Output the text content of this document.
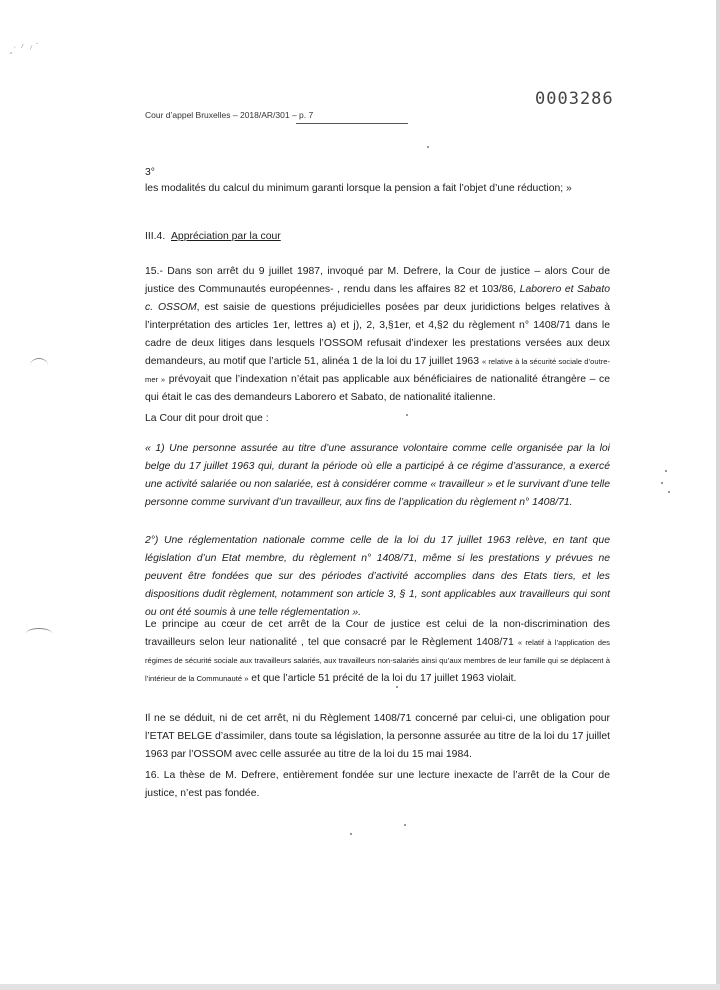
- ˙ ⸍ ⸝ ·
Cour d’appel Bruxelles – 2018/AR/301 – p. 7
0003286
3°
les modalités du calcul du minimum garanti lorsque la pension a fait l’objet d’une réduction; »
III.4. Appréciation par la cour
15.- Dans son arrêt du 9 juillet 1987, invoqué par M. Defrere, la Cour de justice – alors Cour de justice des Communautés européennes- , rendu dans les affaires 82 et 103/86, Laborero et Sabato c. OSSOM, est saisie de questions préjudicielles posées par deux juridictions belges relatives à l’interprétation des articles 1er, lettres a) et j), 2, 3,§1er, et 4,§2 du règlement n° 1408/71 dans le cadre de deux litiges dans lesquels l’OSSOM refusait d’indexer les prestations versées aux deux demandeurs, au motif que l’article 51, alinéa 1 de la loi du 17 juillet 1963 « relative à la sécurité sociale d’outre-mer » prévoyait que l’indexation n’était pas applicable aux bénéficiaires de nationalité étrangère – ce qui était le cas des demandeurs Laborero et Sabato, de nationalité italienne.
La Cour dit pour droit que :
« 1) Une personne assurée au titre d’une assurance volontaire comme celle organisée par la loi belge du 17 juillet 1963 qui, durant la période où elle a participé à ce régime d’assurance, a exercé une activité salariée ou non salariée, est à considérer comme « travailleur » et le survivant d’une telle personne comme survivant d’un travailleur, aux fins de l’application du règlement n° 1408/71.
2°) Une réglementation nationale comme celle de la loi du 17 juillet 1963 relève, en tant que législation d’un Etat membre, du règlement n° 1408/71, même si les prestations y prévues ne peuvent être fondées que sur des périodes d’activité accomplies dans des Etats tiers, et les dispositions dudit règlement, notamment son article 3, § 1, sont applicables aux travailleurs qui sont ou ont été soumis à une telle réglementation ».
Le principe au cœur de cet arrêt de la Cour de justice est celui de la non-discrimination des travailleurs selon leur nationalité , tel que consacré par le Règlement 1408/71 « relatif à l’application des régimes de sécurité sociale aux travailleurs salariés, aux travailleurs non-salariés ainsi qu’aux membres de leur famille qui se déplacent à l’intérieur de la Communauté » et que l’article 51 précité de la loi du 17 juillet 1963 violait.
Il ne se déduit, ni de cet arrêt, ni du Règlement 1408/71 concerné par celui-ci, une obligation pour l’ETAT BELGE d’assimiler, dans toute sa législation, la personne assurée au titre de la loi du 17 juillet 1963 par l’OSSOM avec celle assurée au titre de la loi du 15 mai 1984.
16. La thèse de M. Defrere, entièrement fondée sur une lecture inexacte de l’arrêt de la Cour de justice, n’est pas fondée.
